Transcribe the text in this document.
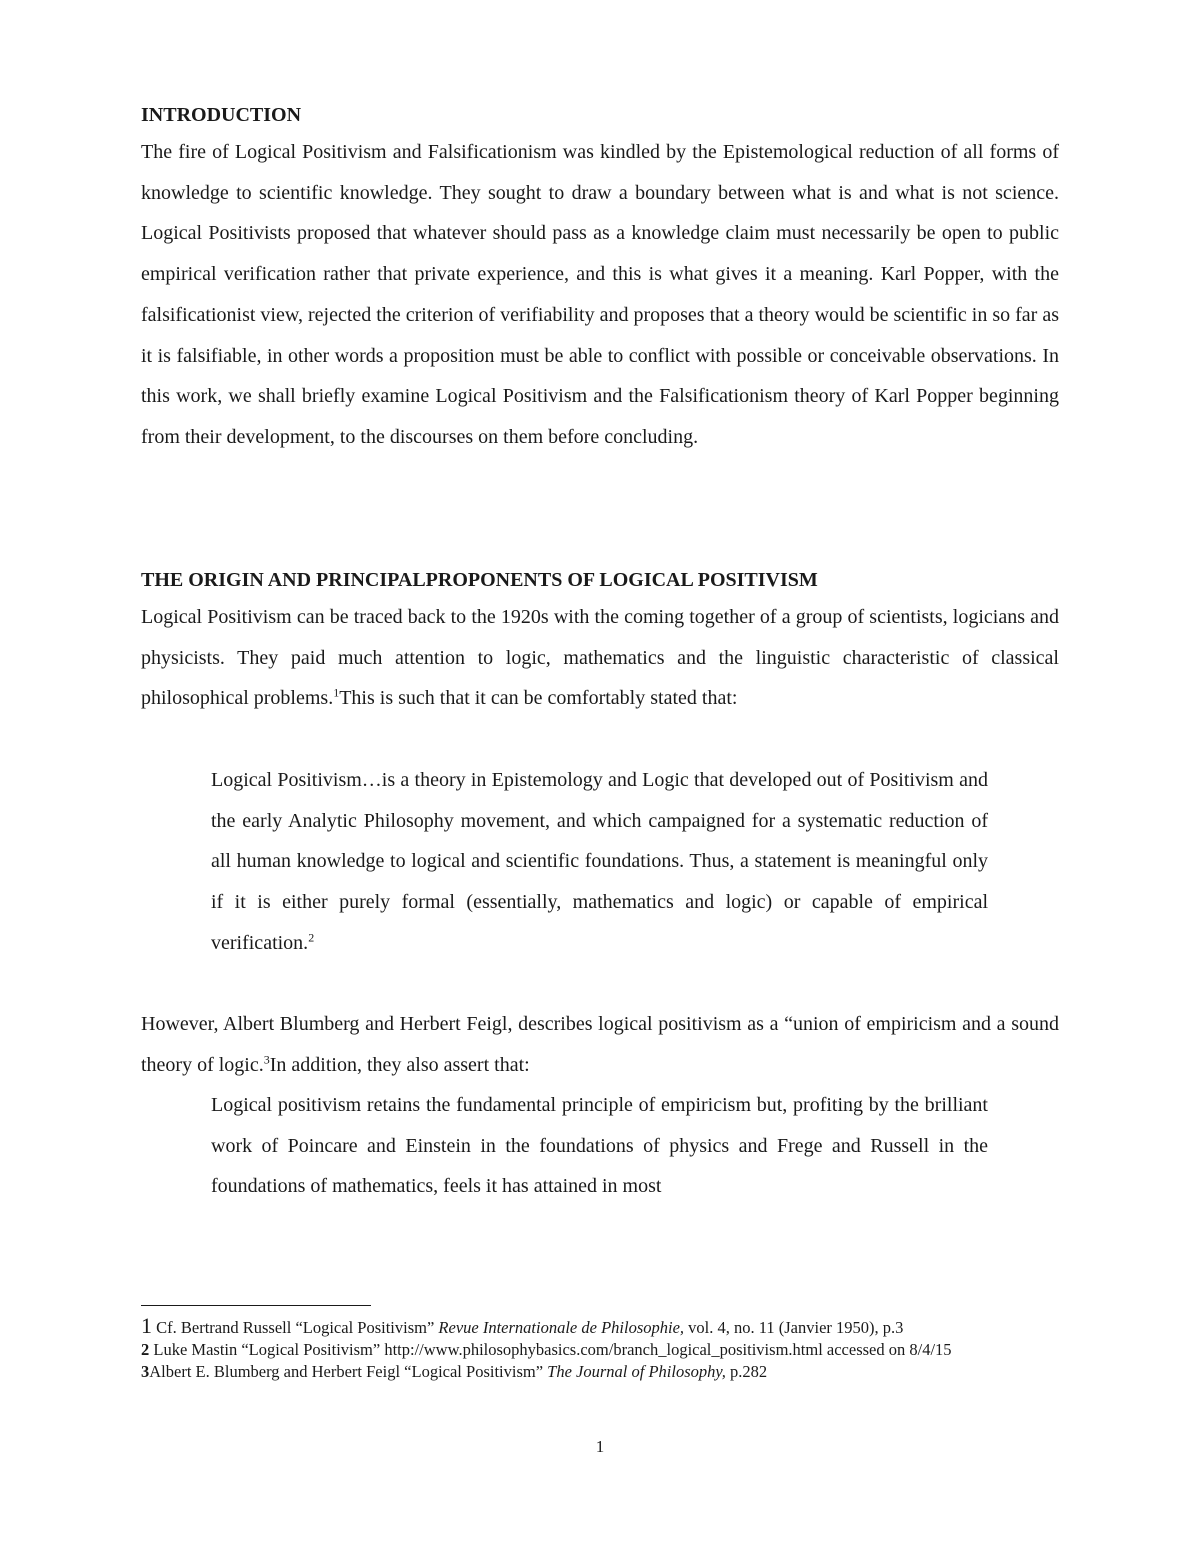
INTRODUCTION

The fire of Logical Positivism and Falsificationism was kindled by the Epistemological reduction of all forms of knowledge to scientific knowledge. They sought to draw a boundary between what is and what is not science. Logical Positivists proposed that whatever should pass as a knowledge claim must necessarily be open to public empirical verification rather that private experience, and this is what gives it a meaning. Karl Popper, with the falsificationist view, rejected the criterion of verifiability and proposes that a theory would be scientific in so far as it is falsifiable, in other words a proposition must be able to conflict with possible or conceivable observations. In this work, we shall briefly examine Logical Positivism and the Falsificationism theory of Karl Popper beginning from their development, to the discourses on them before concluding.

THE ORIGIN AND PRINCIPALPROPONENTS OF LOGICAL POSITIVISM

Logical Positivism can be traced back to the 1920s with the coming together of a group of scientists, logicians and physicists. They paid much attention to logic, mathematics and the linguistic characteristic of classical philosophical problems.$^1$This is such that it can be comfortably stated that:

Logical Positivism…is a theory in Epistemology and Logic that developed out of Positivism and the early Analytic Philosophy movement, and which campaigned for a systematic reduction of all human knowledge to logical and scientific foundations. Thus, a statement is meaningful only if it is either purely formal (essentially, mathematics and logic) or capable of empirical verification.$^2$

However, Albert Blumberg and Herbert Feigl, describes logical positivism as a “union of empiricism and a sound theory of logic.$^3$In addition, they also assert that:

Logical positivism retains the fundamental principle of empiricism but, profiting by the brilliant work of Poincare and Einstein in the foundations of physics and Frege and Russell in the foundations of mathematics, feels it has attained in most

1 Cf. Bertrand Russell “Logical Positivism” Revue Internationale de Philosophie, vol. 4, no. 11 (Janvier 1950), p.3

2 Luke Mastin “Logical Positivism” http://www.philosophybasics.com/branch_logical_positivism.html accessed on 8/4/15

3Albert E. Blumberg and Herbert Feigl “Logical Positivism” The Journal of Philosophy, p.282

1
